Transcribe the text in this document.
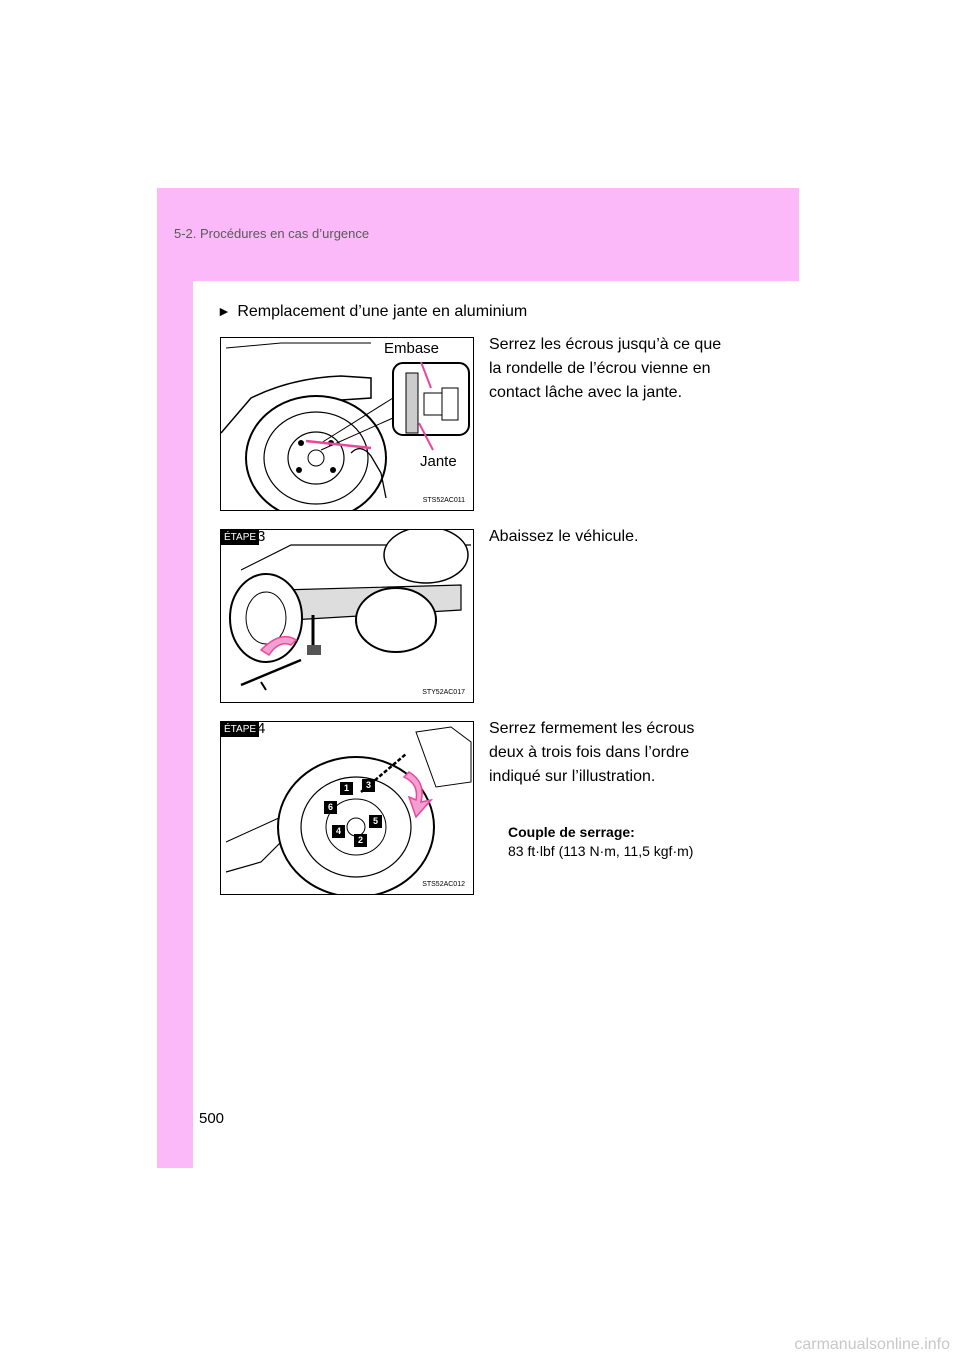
5-2. Procédures en cas d’urgence
► Remplacement d’une jante en aluminium
Embase
Jante
STS52AC011
Serrez les écrous jusqu’à ce que
la rondelle de l’écrou vienne en
contact lâche avec la jante.
ÉTAPE 3
STY52AC017
Abaissez le véhicule.
ÉTAPE 4
1	3
6
5
4
2
STS52AC012
Serrez fermement les écrous
deux à trois fois dans l’ordre
indiqué sur l’illustration.
Couple de serrage:
83 ft·lbf (113 N·m, 11,5 kgf·m)
500
carmanualsonline.info
